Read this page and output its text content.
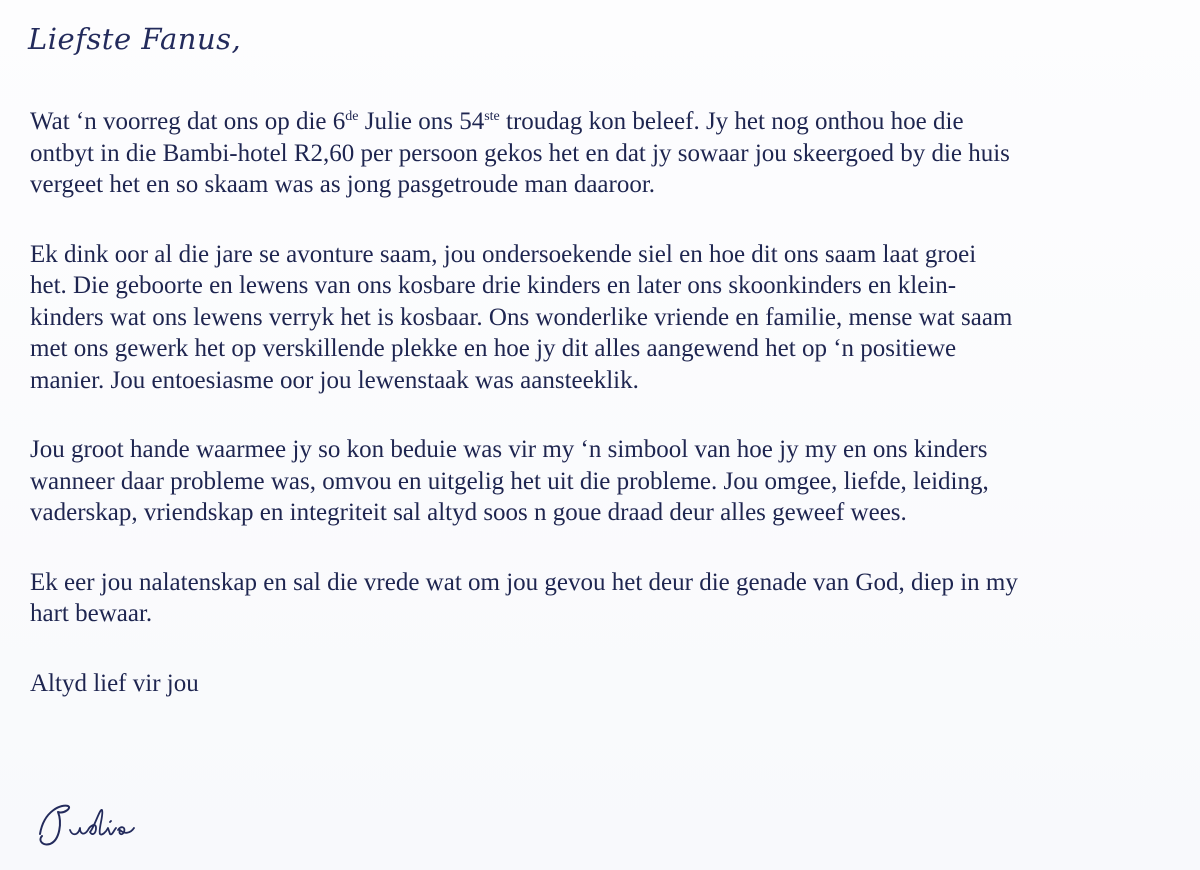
Liefste Fanus,

Wat ‘n voorreg dat ons op die 6de Julie ons 54ste troudag kon beleef. Jy het nog onthou hoe die
ontbyt in die Bambi-hotel R2,60 per persoon gekos het en dat jy sowaar jou skeergoed by die huis
vergeet het en so skaam was as jong pasgetroude man daaroor.

Ek dink oor al die jare se avonture saam, jou ondersoekende siel en hoe dit ons saam laat groei
het. Die geboorte en lewens van ons kosbare drie kinders en later ons skoonkinders en klein-
kinders wat ons lewens verryk het is kosbaar. Ons wonderlike vriende en familie, mense wat saam
met ons gewerk het op verskillende plekke en hoe jy dit alles aangewend het op ‘n positiewe
manier. Jou entoesiasme oor jou lewenstaak was aansteeklik.

Jou groot hande waarmee jy so kon beduie was vir my ‘n simbool van hoe jy my en ons kinders
wanneer daar probleme was, omvou en uitgelig het uit die probleme. Jou omgee, liefde, leiding,
vaderskap, vriendskap en integriteit sal altyd soos n goue draad deur alles geweef wees.

Ek eer jou nalatenskap en sal die vrede wat om jou gevou het deur die genade van God, diep in my
hart bewaar.

Altyd lief vir jou
